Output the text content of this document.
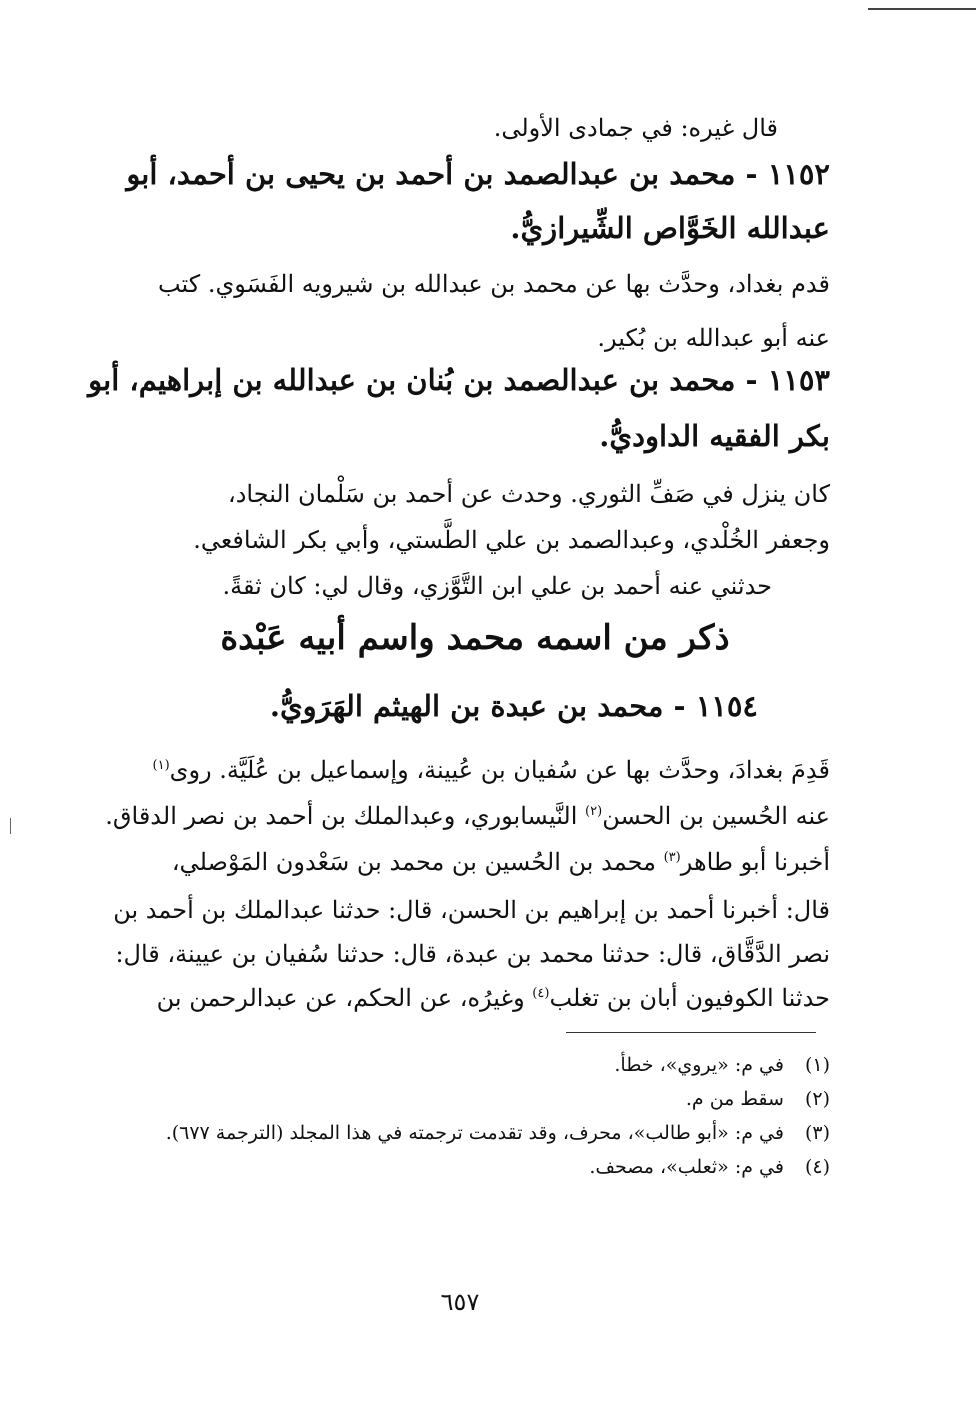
قال غيره: في جمادى الأولى.
١١٥٢ - محمد بن عبدالصمد بن أحمد بن يحيى بن أحمد، أبو
عبدالله الخَوَّاص الشِّيرازيُّ.
قدم بغداد، وحدَّث بها عن محمد بن عبدالله بن شيرويه الفَسَوي. كتب
عنه أبو عبدالله بن بُكير.
١١٥٣ - محمد بن عبدالصمد بن بُنان بن عبدالله بن إبراهيم، أبو
بكر الفقيه الداوديُّ.
كان ينزل في صَفِّ الثوري. وحدث عن أحمد بن سَلْمان النجاد،
وجعفر الخُلْدي، وعبدالصمد بن علي الطَّستي، وأبي بكر الشافعي.
حدثني عنه أحمد بن علي ابن التَّوَّزي، وقال لي: كان ثقةً.
ذكر من اسمه محمد واسم أبيه عَبْدة
١١٥٤ - محمد بن عبدة بن الهيثم الهَرَويُّ.
قَدِمَ بغدادَ، وحدَّث بها عن سُفيان بن عُيينة، وإسماعيل بن عُلَيَّة. روى$^{(١)}$
عنه الحُسين بن الحسن$^{(٢)}$ النَّيسابوري، وعبدالملك بن أحمد بن نصر الدقاق.
أخبرنا أبو طاهر$^{(٣)}$ محمد بن الحُسين بن محمد بن سَعْدون المَوْصلي،
قال: أخبرنا أحمد بن إبراهيم بن الحسن، قال: حدثنا عبدالملك بن أحمد بن
نصر الدَّقَّاق، قال: حدثنا محمد بن عبدة، قال: حدثنا سُفيان بن عيينة، قال:
حدثنا الكوفيون أبان بن تغلب$^{(٤)}$ وغيرُه، عن الحكم، عن عبدالرحمن بن
(١) في م: «يروي»، خطأ.
(٢) سقط من م.
(٣) في م: «أبو طالب»، محرف، وقد تقدمت ترجمته في هذا المجلد (الترجمة ٦٧٧).
(٤) في م: «ثعلب»، مصحف.
٦٥٧
